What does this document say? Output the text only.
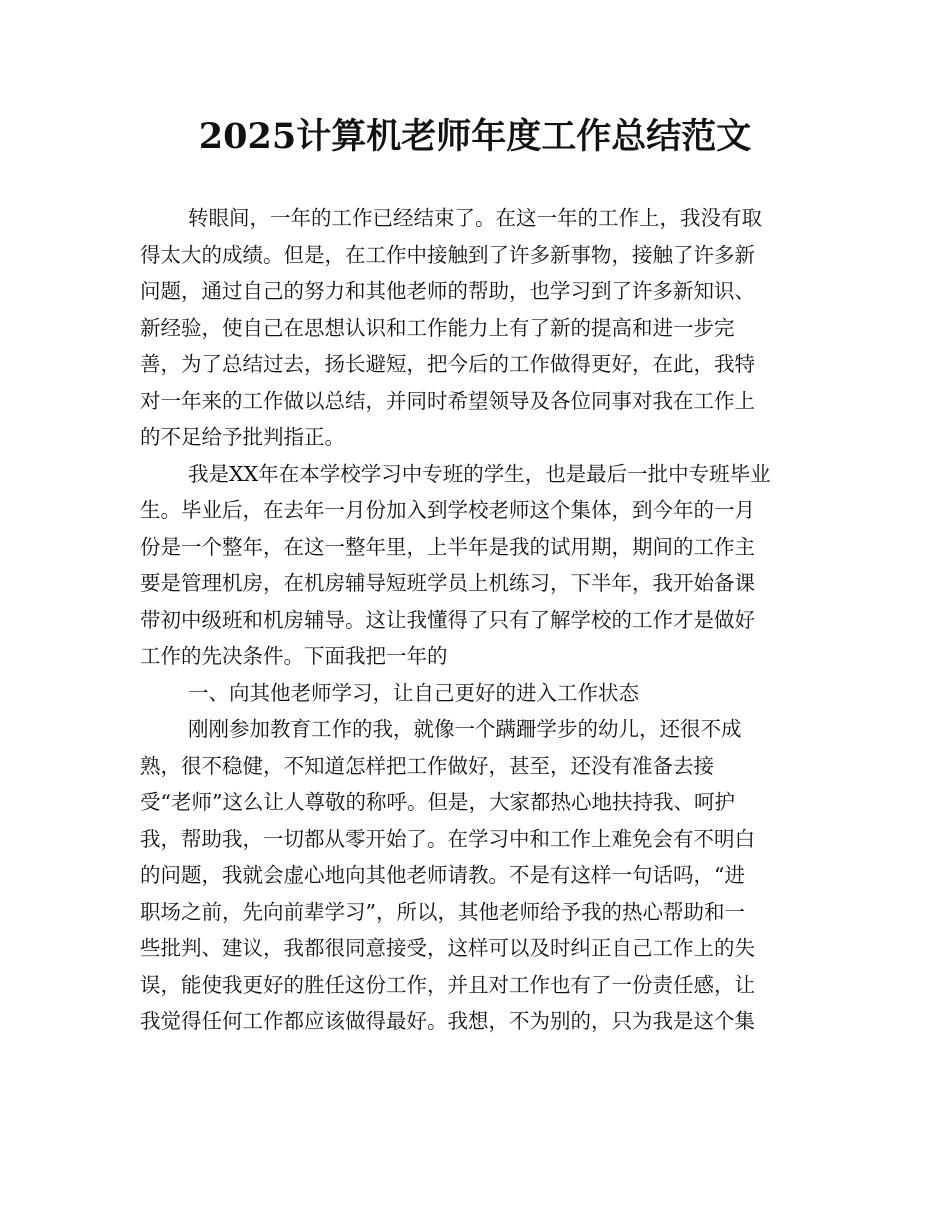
2025计算机老师年度工作总结范文
转眼间，一年的工作已经结束了。在这一年的工作上，我没有取
得太大的成绩。但是，在工作中接触到了许多新事物，接触了许多新
问题，通过自己的努力和其他老师的帮助，也学习到了许多新知识、
新经验，使自己在思想认识和工作能力上有了新的提高和进一步完
善，为了总结过去，扬长避短，把今后的工作做得更好，在此，我特
对一年来的工作做以总结，并同时希望领导及各位同事对我在工作上
的不足给予批判指正。
我是XX年在本学校学习中专班的学生，也是最后一批中专班毕业
生。毕业后，在去年一月份加入到学校老师这个集体，到今年的一月
份是一个整年，在这一整年里，上半年是我的试用期，期间的工作主
要是管理机房，在机房辅导短班学员上机练习，下半年，我开始备课
带初中级班和机房辅导。这让我懂得了只有了解学校的工作才是做好
工作的先决条件。下面我把一年的
一、向其他老师学习，让自己更好的进入工作状态
刚刚参加教育工作的我，就像一个蹒跚学步的幼儿，还很不成
熟，很不稳健，不知道怎样把工作做好，甚至，还没有准备去接
受“老师”这么让人尊敬的称呼。但是，大家都热心地扶持我、呵护
我，帮助我，一切都从零开始了。在学习中和工作上难免会有不明白
的问题，我就会虚心地向其他老师请教。不是有这样一句话吗，“进
职场之前，先向前辈学习”，所以，其他老师给予我的热心帮助和一
些批判、建议，我都很同意接受，这样可以及时纠正自己工作上的失
误，能使我更好的胜任这份工作，并且对工作也有了一份责任感，让
我觉得任何工作都应该做得最好。我想，不为别的，只为我是这个集
